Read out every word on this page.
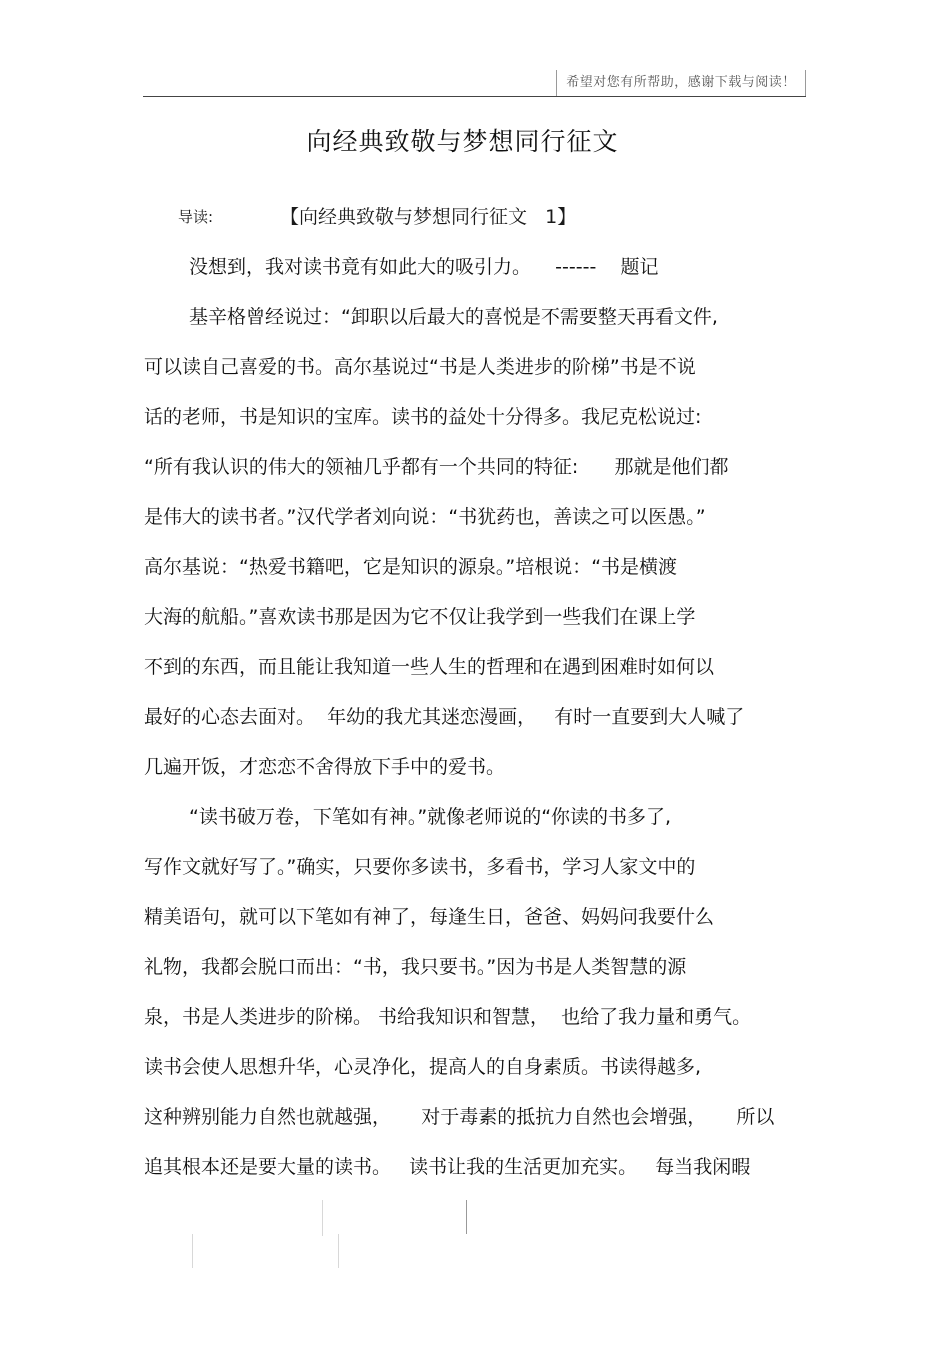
希望对您有所帮助，感谢下载与阅读！
向经典致敬与梦想同行征文
导读:	【向经典致敬与梦想同行征文   1】
没想到，我对读书竟有如此大的吸引力。    ------    题记
基辛格曾经说过：“卸职以后最大的喜悦是不需要整天再看文件,
可以读自己喜爱的书。高尔基说过“书是人类进步的阶梯”书是不说
话的老师，书是知识的宝库。读书的益处十分得多。我尼克松说过:
“所有我认识的伟大的领袖几乎都有一个共同的特征:      那就是他们都
是伟大的读书者。”汉代学者刘向说：“书犹药也，善读之可以医愚。”
高尔基说：“热爱书籍吧，它是知识的源泉。”培根说：“书是横渡
大海的航船。”喜欢读书那是因为它不仅让我学到一些我们在课上学
不到的东西，而且能让我知道一些人生的哲理和在遇到困难时如何以
最好的心态去面对。  年幼的我尤其迷恋漫画，   有时一直要到大人喊了
几遍开饭，才恋恋不舍得放下手中的爱书。
“读书破万卷，下笔如有神。”就像老师说的“你读的书多了,
写作文就好写了。”确实，只要你多读书，多看书，学习人家文中的
精美语句，就可以下笔如有神了，每逢生日，爸爸、妈妈问我要什么
礼物，我都会脱口而出：“书，我只要书。”因为书是人类智慧的源
泉，书是人类进步的阶梯。 书给我知识和智慧，  也给了我力量和勇气。
读书会使人思想升华，心灵净化，提高人的自身素质。书读得越多,
这种辨别能力自然也就越强，     对于毒素的抵抗力自然也会增强，     所以
追其根本还是要大量的读书。   读书让我的生活更加充实。   每当我闲暇
